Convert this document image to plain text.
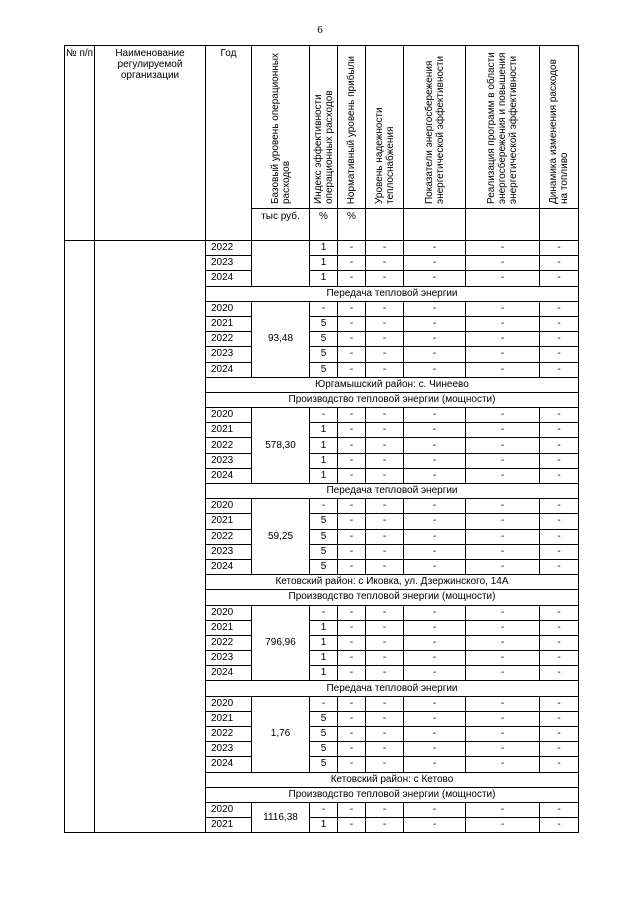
6
№ п/п	Наименование регулируемой организации	Год	Базовый уровень операционных расходов	Индекс эффективности операционных расходов	Нормативный уровень прибыли	Уровень надежности теплоснабжения	Показатели энергосбережения энергетической эффективности	Реализация программ в области энергосбережения и повышения энергетической эффективности	Динамика изменения расходов на топливо

			тыс руб.	%	%				
		2022		1	-	-	-	-	-
		2023		1	-	-	-	-	-
		2024		1	-	-	-	-	-
		Передача тепловой энергии							
		2020	93,48	-	-	-	-	-	-
		2021		5	-	-	-	-	-
		2022		5	-	-	-	-	-
		2023		5	-	-	-	-	-
		2024		5	-	-	-	-	-
		Юргамышский район: с. Чинеево							
		Производство тепловой энергии (мощности)							
		2020	578,30	-	-	-	-	-	-
		2021		1	-	-	-	-	-
		2022		1	-	-	-	-	-
		2023		1	-	-	-	-	-
		2024		1	-	-	-	-	-
		Передача тепловой энергии							
		2020	59,25	-	-	-	-	-	-
		2021		5	-	-	-	-	-
		2022		5	-	-	-	-	-
		2023		5	-	-	-	-	-
		2024		5	-	-	-	-	-
		Кетовский район: с Иковка, ул. Дзержинского, 14А							
		Производство тепловой энергии (мощности)							
		2020	796,96	-	-	-	-	-	-
		2021		1	-	-	-	-	-
		2022		1	-	-	-	-	-
		2023		1	-	-	-	-	-
		2024		1	-	-	-	-	-
		Передача тепловой энергии							
		2020	1,76	-	-	-	-	-	-
		2021		5	-	-	-	-	-
		2022		5	-	-	-	-	-
		2023		5	-	-	-	-	-
		2024		5	-	-	-	-	-
		Кетовский район: с Кетово							
		Производство тепловой энергии (мощности)							
		2020	1116,38	-	-	-	-	-	-
		2021		1	-	-	-	-	-
